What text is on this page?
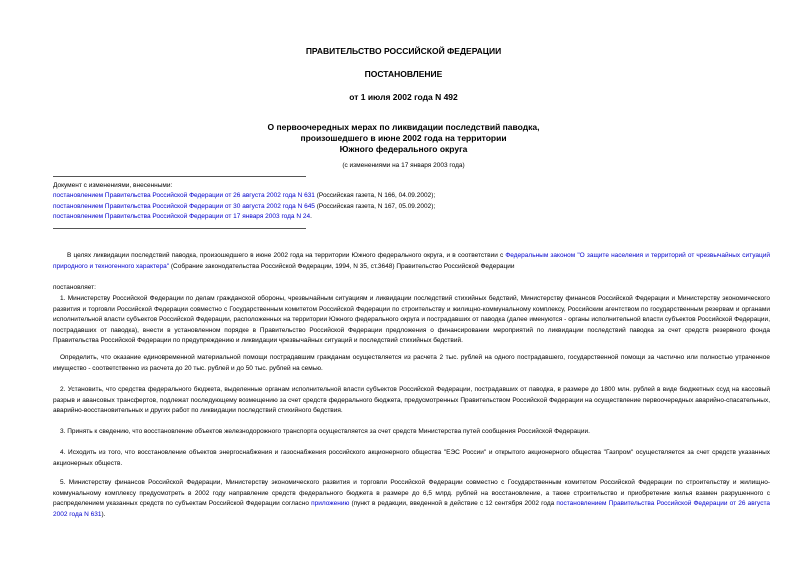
ПРАВИТЕЛЬСТВО РОССИЙСКОЙ ФЕДЕРАЦИИ
ПОСТАНОВЛЕНИЕ
от 1 июля 2002 года N 492
О первоочередных мерах по ликвидации последствий паводка,
произошедшего в июне 2002 года на территории
Южного федерального округа
(с изменениями на 17 января 2003 года)
Документ с изменениями, внесенными:
постановлением Правительства Российской Федерации от 26 августа 2002 года N 631 (Российская газета, N 166, 04.09.2002);
постановлением Правительства Российской Федерации от 30 августа 2002 года N 645 (Российская газета, N 167, 05.09.2002);
постановлением Правительства Российской Федерации от 17 января 2003 года N 24.
В целях ликвидации последствий паводка, произошедшего в июне 2002 года на территории Южного федерального округа, и в соответствии с Федеральным законом "О защите населения и территорий от чрезвычайных ситуаций природного и техногенного характера" (Собрание законодательства Российской Федерации, 1994, N 35, ст.3648) Правительство Российской Федерации
постановляет:
1. Министерству Российской Федерации по делам гражданской обороны, чрезвычайным ситуациям и ликвидации последствий стихийных бедствий, Министерству финансов Российской Федерации и Министерству экономического развития и торговли Российской Федерации совместно с Государственным комитетом Российской Федерации по строительству и жилищно-коммунальному комплексу, Российским агентством по государственным резервам и органами исполнительной власти субъектов Российской Федерации, расположенных на территории Южного федерального округа и пострадавших от паводка (далее именуются - органы исполнительной власти субъектов Российской Федерации, пострадавших от паводка), внести в установленном порядке в Правительство Российской Федерации предложения о финансировании мероприятий по ликвидации последствий паводка за счет средств резервного фонда Правительства Российской Федерации по предупреждению и ликвидации чрезвычайных ситуаций и последствий стихийных бедствий.
Определить, что оказание единовременной материальной помощи пострадавшим гражданам осуществляется из расчета 2 тыс. рублей на одного пострадавшего, государственной помощи за частично или полностью утраченное имущество - соответственно из расчета до 20 тыс. рублей и до 50 тыс. рублей на семью.
2. Установить, что средства федерального бюджета, выделенные органам исполнительной власти субъектов Российской Федерации, пострадавших от паводка, в размере до 1800 млн. рублей в виде бюджетных ссуд на кассовый разрыв и авансовых трансфертов, подлежат последующему возмещению за счет средств федерального бюджета, предусмотренных Правительством Российской Федерации на осуществление первоочередных аварийно-спасательных, аварийно-восстановительных и других работ по ликвидации последствий стихийного бедствия.
3. Принять к сведению, что восстановление объектов железнодорожного транспорта осуществляется за счет средств Министерства путей сообщения Российской Федерации.
4. Исходить из того, что восстановление объектов энергоснабжения и газоснабжения российского акционерного общества "ЕЭС России" и открытого акционерного общества "Газпром" осуществляется за счет средств указанных акционерных обществ.
5. Министерству финансов Российской Федерации, Министерству экономического развития и торговли Российской Федерации совместно с Государственным комитетом Российской Федерации по строительству и жилищно-коммунальному комплексу предусмотреть в 2002 году направление средств федерального бюджета в размере до 6,5 млрд. рублей на восстановление, а также строительство и приобретение жилья взамен разрушенного с распределением указанных средств по субъектам Российской Федерации согласно приложению (пункт в редакции, введенной в действие с 12 сентября 2002 года постановлением Правительства Российской Федерации от 26 августа 2002 года N 631).
